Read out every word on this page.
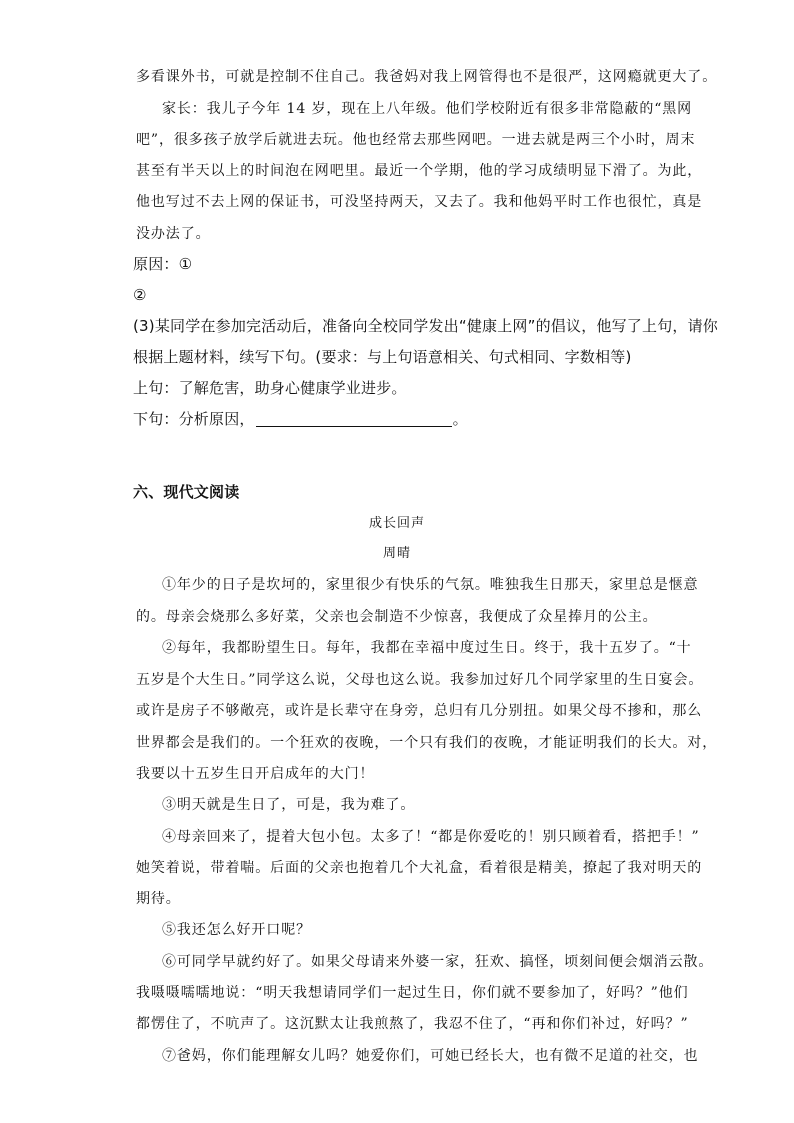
多看课外书，可就是控制不住自己。我爸妈对我上网管得也不是很严，这网瘾就更大了。
家长：我儿子今年 14 岁，现在上八年级。他们学校附近有很多非常隐蔽的“黑网
吧”，很多孩子放学后就进去玩。他也经常去那些网吧。一进去就是两三个小时，周末
甚至有半天以上的时间泡在网吧里。最近一个学期，他的学习成绩明显下滑了。为此，
他也写过不去上网的保证书，可没坚持两天，又去了。我和他妈平时工作也很忙，真是
没办法了。
原因：①
②
(3)某同学在参加完活动后，准备向全校同学发出“健康上网”的倡议，他写了上句，请你
根据上题材料，续写下句。(要求：与上句语意相关、句式相同、字数相等)
上句：了解危害，助身心健康学业进步。
下句：分析原因，	。
六、现代文阅读
成长回声
周晴
①年少的日子是坎坷的，家里很少有快乐的气氛。唯独我生日那天，家里总是惬意
的。母亲会烧那么多好菜，父亲也会制造不少惊喜，我便成了众星捧月的公主。
②每年，我都盼望生日。每年，我都在幸福中度过生日。终于，我十五岁了。“十
五岁是个大生日。”同学这么说，父母也这么说。我参加过好几个同学家里的生日宴会。
或许是房子不够敞亮，或许是长辈守在身旁，总归有几分别扭。如果父母不掺和，那么
世界都会是我们的。一个狂欢的夜晚，一个只有我们的夜晚，才能证明我们的长大。对，
我要以十五岁生日开启成年的大门！
③明天就是生日了，可是，我为难了。
④母亲回来了，提着大包小包。太多了！“都是你爱吃的！别只顾着看，搭把手！”
她笑着说，带着喘。后面的父亲也抱着几个大礼盒，看着很是精美，撩起了我对明天的
期待。
⑤我还怎么好开口呢？
⑥可同学早就约好了。如果父母请来外婆一家，狂欢、搞怪，顷刻间便会烟消云散。
我嗫嗫嚅嚅地说：“明天我想请同学们一起过生日，你们就不要参加了，好吗？”他们
都愣住了，不吭声了。这沉默太让我煎熬了，我忍不住了，“再和你们补过，好吗？”
⑦爸妈，你们能理解女儿吗？她爱你们，可她已经长大，也有微不足道的社交，也
